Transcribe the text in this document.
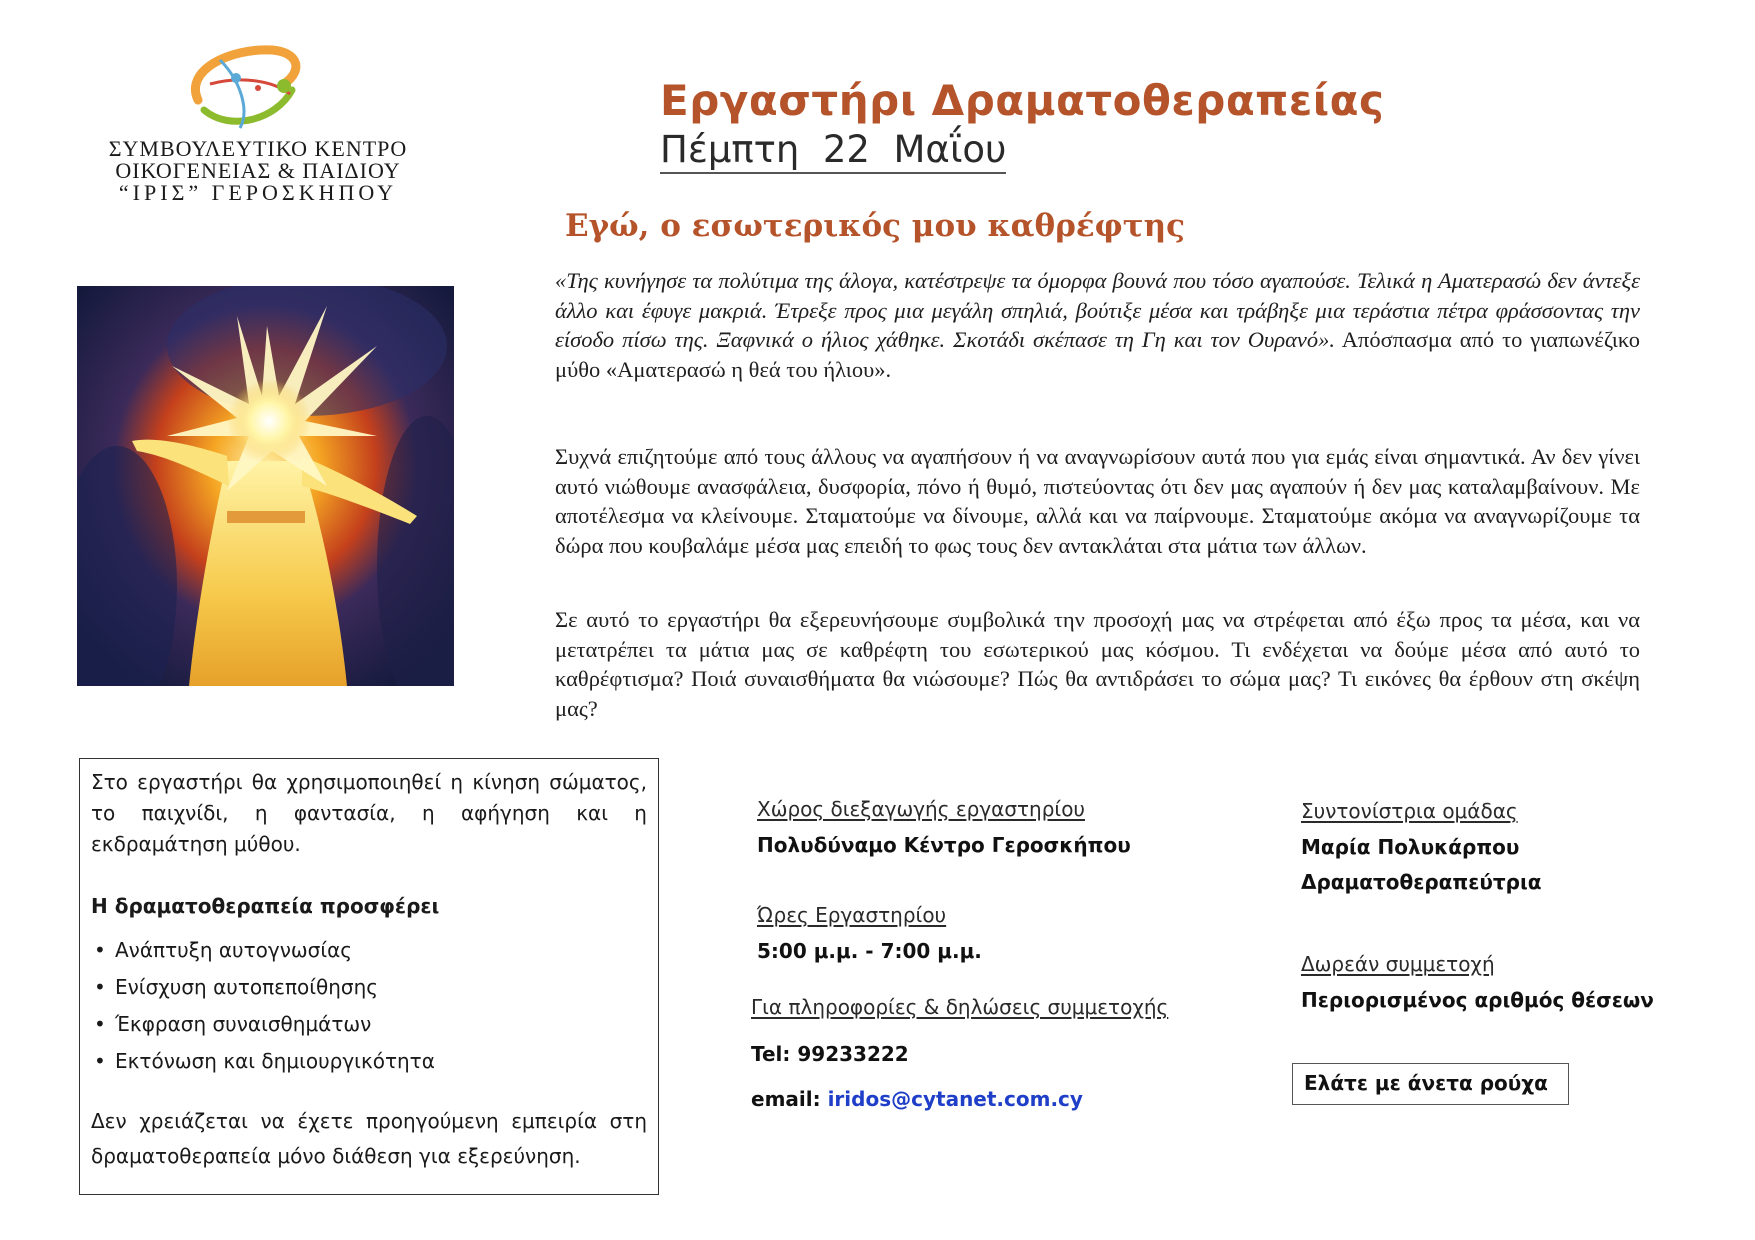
ΣΥΜΒΟΥΛΕΥΤΙΚΟ ΚΕΝΤΡΟ
ΟΙΚΟΓΕΝΕΙΑΣ & ΠΑΙΔΙΟΥ
“ΙΡΙΣ” ΓΕΡΟΣΚΗΠΟΥ
Εργαστήρι Δραματοθεραπείας
Πέμπτη  22  Μαΐου
Εγώ, ο εσωτερικός μου καθρέφτης
«Της κυνήγησε τα πολύτιμα της άλογα, κατέστρεψε τα όμορφα βουνά που τόσο αγαπούσε. Τελικά η Αματερασώ δεν άντεξε άλλο και έφυγε μακριά. Έτρεξε προς μια μεγάλη σπηλιά, βούτιξε μέσα και τράβηξε μια τεράστια πέτρα φράσσοντας την είσοδο πίσω της. Ξαφνικά ο ήλιος χάθηκε. Σκοτάδι σκέπασε τη Γη και τον Ουρανό». Απόσπασμα από το γιαπωνέζικο μύθο «Αματερασώ η θεά του ήλιου».
Συχνά επιζητούμε από τους άλλους να αγαπήσουν ή να αναγνωρίσουν αυτά που για εμάς είναι σημαντικά. Αν δεν γίνει αυτό νιώθουμε ανασφάλεια, δυσφορία, πόνο ή θυμό, πιστεύοντας ότι δεν μας αγαπούν ή δεν μας καταλαμβαίνουν. Με αποτέλεσμα να κλείνουμε. Σταματούμε να δίνουμε, αλλά και να παίρνουμε. Σταματούμε ακόμα να αναγνωρίζουμε τα δώρα που κουβαλάμε μέσα μας επειδή το φως τους δεν αντακλάται στα μάτια των άλλων.
Σε αυτό το εργαστήρι θα εξερευνήσουμε συμβολικά την προσοχή μας να στρέφεται από έξω προς τα μέσα, και να μετατρέπει τα μάτια μας σε καθρέφτη του εσωτερικού μας κόσμου. Τι ενδέχεται να δούμε μέσα από αυτό το καθρέφτισμα? Ποιά συναισθήματα θα νιώσουμε? Πώς θα αντιδράσει το σώμα μας? Τι εικόνες θα έρθουν στη σκέψη μας?

Στο εργαστήρι θα χρησιμοποιηθεί η κίνηση σώματος, το παιχνίδι, η φαντασία, η αφήγηση και η εκδραμάτηση μύθου.

Η δραματοθεραπεία προσφέρει

• Ανάπτυξη αυτογνωσίας
• Ενίσχυση αυτοπεποίθησης
• Έκφραση συναισθημάτων
• Εκτόνωση και δημιουργικότητα

Δεν χρειάζεται να έχετε προηγούμενη εμπειρία στη δραματοθεραπεία μόνο διάθεση για εξερεύνηση.

Χώρος διεξαγωγής εργαστηρίου
Πολυδύναμο Κέντρο Γεροσκήπου
Ώρες Εργαστηρίου
5:00 μ.μ. - 7:00 μ.μ.
Για πληροφορίες & δηλώσεις συμμετοχής
Tel: 99233222
email: iridos@cytanet.com.cy
Συντονίστρια ομάδας
Μαρία Πολυκάρπου
Δραματοθεραπεύτρια
Δωρεάν συμμετοχή
Περιορισμένος αριθμός θέσεων
Ελάτε με άνετα ρούχα
